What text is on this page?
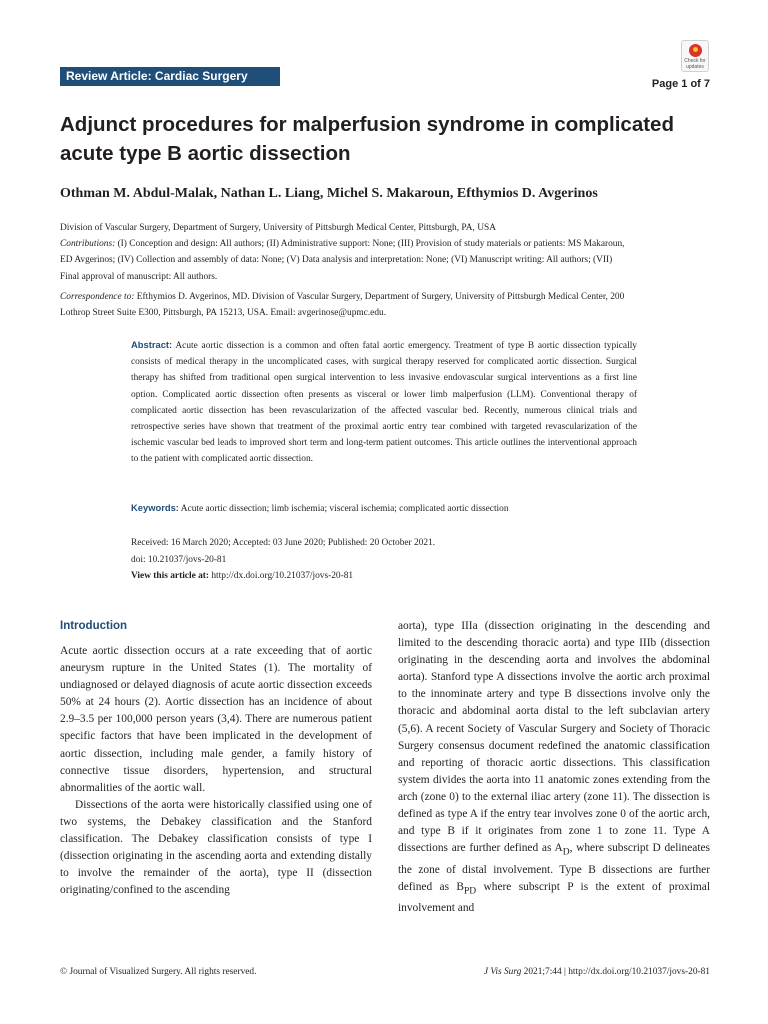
Review Article: Cardiac Surgery
Check for updates
Page 1 of 7
Adjunct procedures for malperfusion syndrome in complicated
acute type B aortic dissection
Othman M. Abdul-Malak, Nathan L. Liang, Michel S. Makaroun, Efthymios D. Avgerinos
Division of Vascular Surgery, Department of Surgery, University of Pittsburgh Medical Center, Pittsburgh, PA, USA
Contributions: (I) Conception and design: All authors; (II) Administrative support: None; (III) Provision of study materials or patients: MS Makaroun,
ED Avgerinos; (IV) Collection and assembly of data: None; (V) Data analysis and interpretation: None; (VI) Manuscript writing: All authors; (VII)
Final approval of manuscript: All authors.
Correspondence to: Efthymios D. Avgerinos, MD. Division of Vascular Surgery, Department of Surgery, University of Pittsburgh Medical Center, 200
Lothrop Street Suite E300, Pittsburgh, PA 15213, USA. Email: avgerinose@upmc.edu.
Abstract: Acute aortic dissection is a common and often fatal aortic emergency. Treatment of type B aortic dissection typically consists of medical therapy in the uncomplicated cases, with surgical therapy reserved for complicated aortic dissection. Surgical therapy has shifted from traditional open surgical intervention to less invasive endovascular surgical interventions as a first line option. Complicated aortic dissection often presents as visceral or lower limb malperfusion (LLM). Conventional therapy of complicated aortic dissection has been revascularization of the affected vascular bed. Recently, numerous clinical trials and retrospective series have shown that treatment of the proximal aortic entry tear combined with targeted revascularization of the ischemic vascular bed leads to improved short term and long-term patient outcomes. This article outlines the interventional approach to the patient with complicated aortic dissection.
Keywords: Acute aortic dissection; limb ischemia; visceral ischemia; complicated aortic dissection
Received: 16 March 2020; Accepted: 03 June 2020; Published: 20 October 2021.
doi: 10.21037/jovs-20-81
View this article at: http://dx.doi.org/10.21037/jovs-20-81
Introduction

Acute aortic dissection occurs at a rate exceeding that of aortic aneurysm rupture in the United States (1). The mortality of undiagnosed or delayed diagnosis of acute aortic dissection exceeds 50% at 24 hours (2). Aortic dissection has an incidence of about 2.9–3.5 per 100,000 person years (3,4). There are numerous patient specific factors that have been implicated in the development of aortic dissection, including male gender, a family history of connective tissue disorders, hypertension, and structural abnormalities of the aortic wall.

Dissections of the aorta were historically classified using one of two systems, the Debakey classification and the Stanford classification. The Debakey classification consists of type I (dissection originating in the ascending aorta and extending distally to involve the remainder of the aorta), type II (dissection originating/confined to the ascending

aorta), type IIIa (dissection originating in the descending and limited to the descending thoracic aorta) and type IIIb (dissection originating in the descending aorta and involves the abdominal aorta). Stanford type A dissections involve the aortic arch proximal to the innominate artery and type B dissections involve only the thoracic and abdominal aorta distal to the left subclavian artery (5,6). A recent Society of Vascular Surgery and Society of Thoracic Surgery consensus document redefined the anatomic classification and reporting of thoracic aortic dissections. This classification system divides the aorta into 11 anatomic zones extending from the arch (zone 0) to the external iliac artery (zone 11). The dissection is defined as type A if the entry tear involves zone 0 of the aortic arch, and type B if it originates from zone 1 to zone 11. Type A dissections are further defined as $A_D$, where subscript D delineates the zone of distal involvement. Type B dissections are further defined as $B_{PD}$ where subscript P is the extent of proximal involvement and

© Journal of Visualized Surgery. All rights reserved.	J Vis Surg 2021;7:44 | http://dx.doi.org/10.21037/jovs-20-81
